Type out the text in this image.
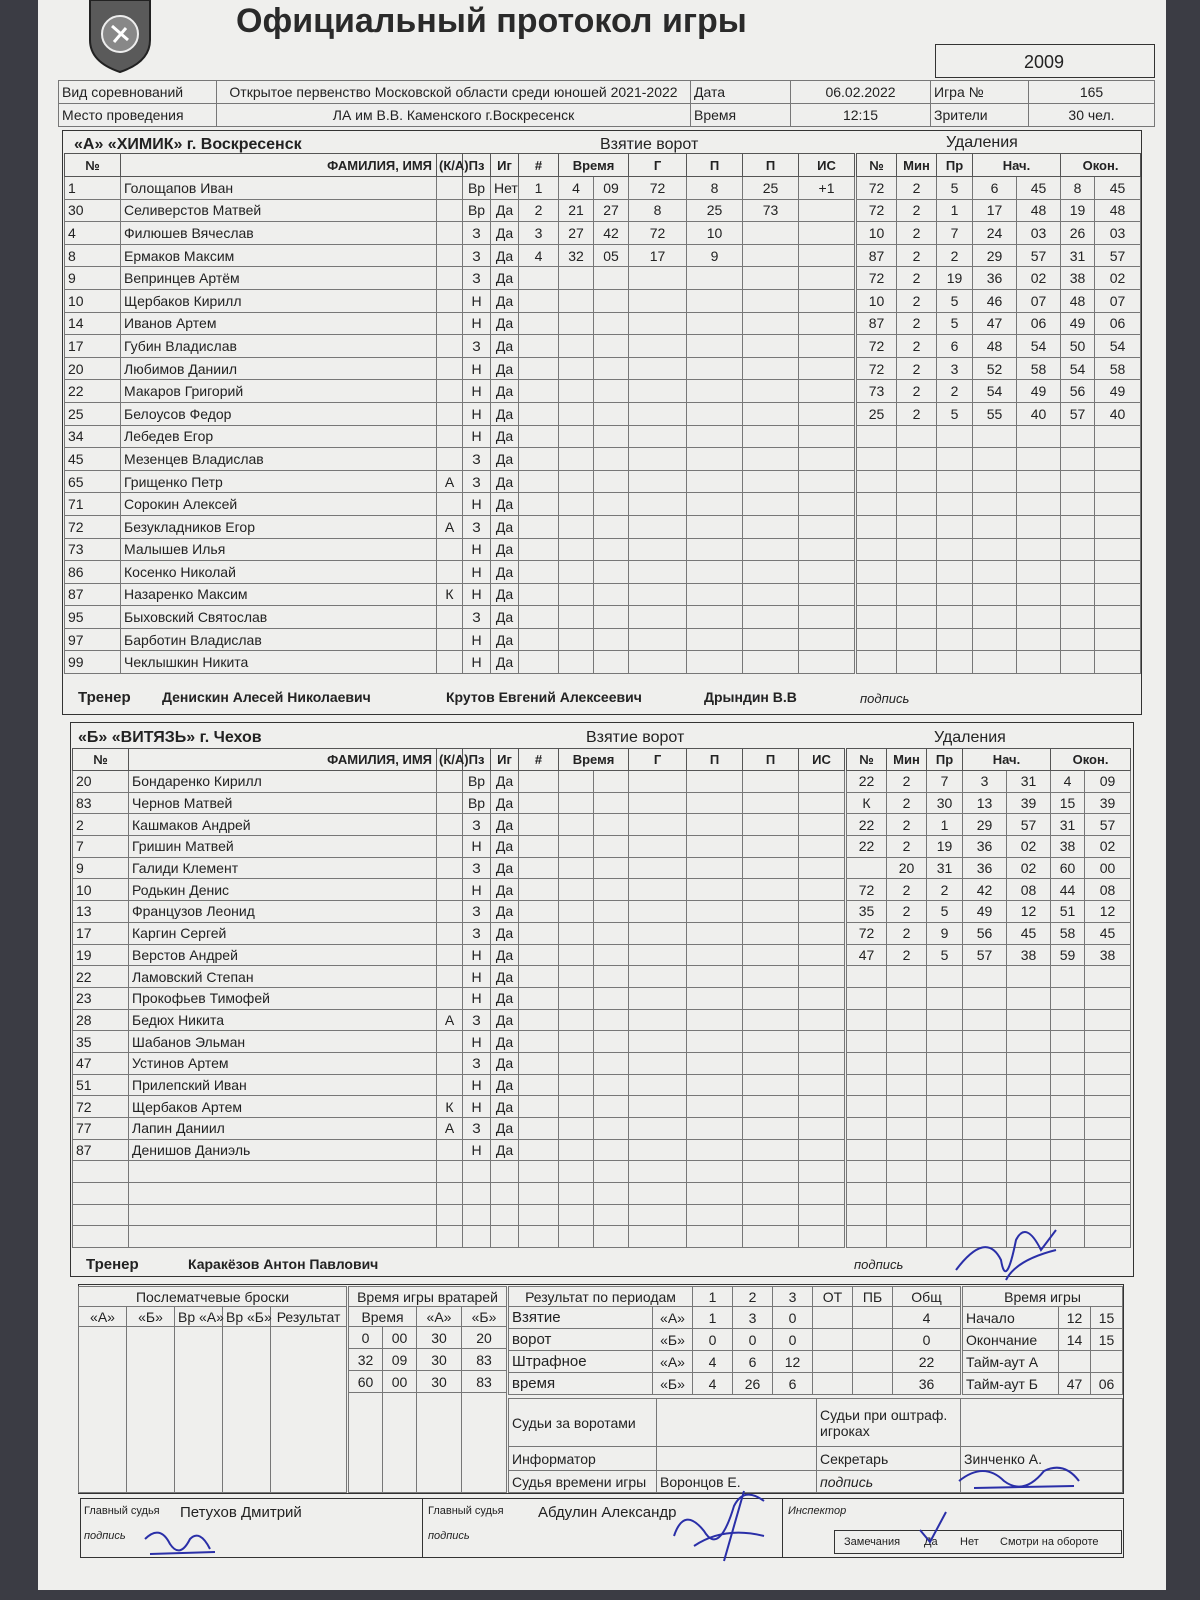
Официальный протокол игры
2009
Вид соревнований	Открытое первенство Московской области среди юношей 2021-2022	Дата	06.02.2022	Игра №	165
Место проведения	ЛА им В.В. Каменского г.Воскресенск	Время	12:15	Зрители	30 чел.
№	ФАМИЛИЯ, ИМЯ	(К/А)	Пз	Иг
1	Голощапов Иван		Вр	Нет
30	Селиверстов Матвей		Вр	Да
4	Филюшев Вячеслав		З	Да
8	Ермаков Максим		З	Да
9	Вепринцев Артём		З	Да
10	Щербаков Кирилл		Н	Да
14	Иванов Артем		Н	Да
17	Губин Владислав		З	Да
20	Любимов Даниил		Н	Да
22	Макаров Григорий		Н	Да
25	Белоусов Федор		Н	Да
34	Лебедев Егор		Н	Да
45	Мезенцев Владислав		З	Да
65	Грищенко Петр	А	З	Да
71	Сорокин Алексей		Н	Да
72	Безукладников Егор	А	З	Да
73	Малышев Илья		Н	Да
86	Косенко Николай		Н	Да
87	Назаренко Максим	К	Н	Да
95	Быховский Святослав		З	Да
97	Барботин Владислав		Н	Да
99	Чеклышкин Никита		Н	Да
#	Время		Г	П	П	ИС
1	4	09	72	8	25	+1
2	21	27	8	25	73	
3	27	42	72	10		
4	32	05	17	9		

№	Мин	Пр	Нач.		Окон.	
72	2	5	6	45	8	45
72	2	1	17	48	19	48
10	2	7	24	03	26	03
87	2	2	29	57	31	57
72	2	19	36	02	38	02
10	2	5	46	07	48	07
87	2	5	47	06	49	06
72	2	6	48	54	50	54
72	2	3	52	58	54	58
73	2	2	54	49	56	49
25	2	5	55	40	57	40

«А» «ХИМИК» г. Воскресенск	Взятие ворот	Удаления
Тренер Денискин Алесей Николаевич	Крутов Евгений Алексеевич	Дрындин В.В	подпись
№	ФАМИЛИЯ, ИМЯ	(К/А)	Пз	Иг
20	Бондаренко Кирилл		Вр	Да
83	Чернов Матвей		Вр	Да
2	Кашмаков Андрей		З	Да
7	Гришин Матвей		Н	Да
9	Галиди Клемент		З	Да
10	Родькин Денис		Н	Да
13	Французов Леонид		З	Да
17	Каргин Сергей		З	Да
19	Верстов Андрей		Н	Да
22	Ламовский Степан		Н	Да
23	Прокофьев Тимофей		Н	Да
28	Бедюх Никита	А	З	Да
35	Шабанов Эльман		Н	Да
47	Устинов Артем		З	Да
51	Прилепский Иван		Н	Да
72	Щербаков Артем	К	Н	Да
77	Лапин Даниил	А	З	Да
87	Денишов Даниэль		Н	Да

#	Время		Г	П	П	ИС

						№	Мин	Пр	Нач.		Окон.	
22	2	7	3	31	4	09
К	2	30	13	39	15	39
22	2	1	29	57	31	57
22	2	19	36	02	38	02
	20	31	36	02	60	00
72	2	2	42	08	44	08
35	2	5	49	12	51	12
72	2	9	56	45	58	45
47	2	5	57	38	59	38

«Б» «ВИТЯЗЬ» г. Чехов	Взятие ворот	Удаления
Тренер	Каракёзов Антон Павлович	подпись
Послематчевые броски				
«А»	«Б»	Вр «А»	Вр «Б»	Результат

Время игры вратарей			
Время		«А»	«Б»
0	00	30	20
32	09	30	83
60	00	30	83

Результат по периодам		1	2	3	ОТ	ПБ	Общ
Взятие	«А»	1	3	0			4
ворот	«Б»	0	0	0			0
Штрафное	«А»	4	6	12			22
время	«Б»	4	26	6			36
Время игры		
Начало	12	15
Окончание	14	15
Тайм-аут А		
Тайм-аут Б	47	06
Судьи за воротами		Судьи при оштраф. игроках	
Информатор		Секретарь	Зинченко А.
Судья времени игры	Воронцов Е.	подпись	
Главный судья Петухов Дмитрий
подпись
Главный судья Абдулин Александр
подпись
Инспектор
Замечания Да Нет Смотри на обороте
